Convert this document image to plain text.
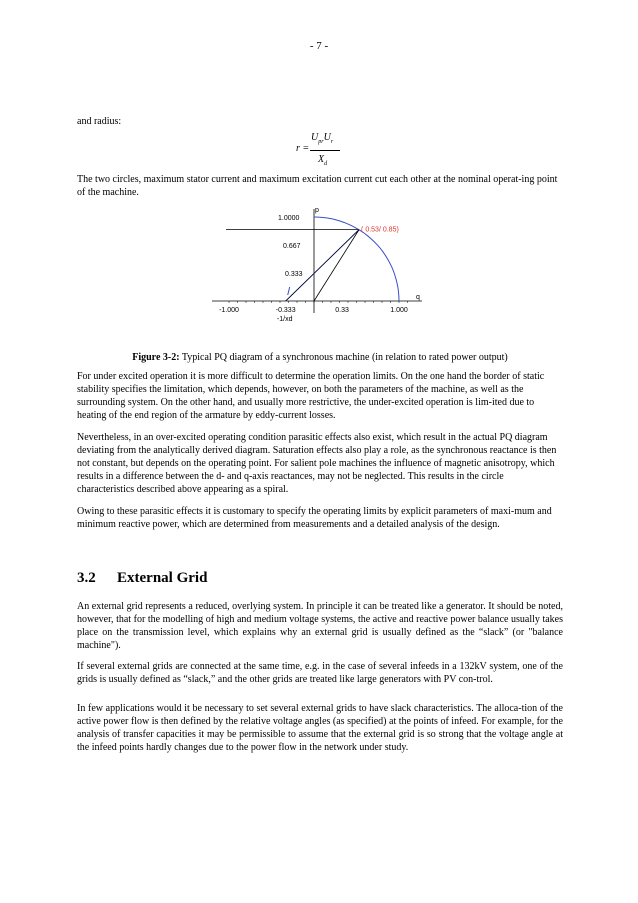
- 7 -

and radius:

r =
$U_{pr}U_r$
$X_d$

The two circles, maximum stator current and maximum excitation current cut each other at the nominal operat-ing point of the machine.

-1.000	-0.333	0.33	1.000
-1/xd
1.0000
0.667
0.333
p
q
( 0.53/ 0.85)
Figure 3-2: Typical PQ diagram of a synchronous machine (in relation to rated power output)

For under excited operation it is more difficult to determine the operation limits. On the one hand the border of static stability specifies the limitation, which depends, however, on both the parameters of the machine, as well as the surrounding system. On the other hand, and usually more restrictive, the under-excited operation is lim-ited due to heating of the end region of the armature by eddy-current losses.

Nevertheless, in an over-excited operating condition parasitic effects also exist, which result in the actual PQ diagram deviating from the analytically derived diagram. Saturation effects also play a role, as the synchronous reactance is then not constant, but depends on the operating point. For salient pole machines the influence of magnetic anisotropy, which results in a difference between the d- and q-axis reactances, may not be neglected. This results in the circle characteristics described above appearing as a spiral.

Owing to these parasitic effects it is customary to specify the operating limits by explicit parameters of maxi-mum and minimum reactive power, which are determined from measurements and a detailed analysis of the design.

3.2 External Grid

An external grid represents a reduced, overlying system. In principle it can be treated like a generator. It should be noted, however, that for the modelling of high and medium voltage systems, the active and reactive power balance usually takes place on the transmission level, which explains why an external grid is usually defined as the “slack” (or "balance machine").

If several external grids are connected at the same time, e.g. in the case of several infeeds in a 132kV system, one of the grids is usually defined as “slack,” and the other grids are treated like large generators with PV con-trol.

In few applications would it be necessary to set several external grids to have slack characteristics. The alloca-tion of the active power flow is then defined by the relative voltage angles (as specified) at the points of infeed. For example, for the analysis of transfer capacities it may be permissible to assume that the external grid is so strong that the voltage angle at the infeed points hardly changes due to the power flow in the network under study.
